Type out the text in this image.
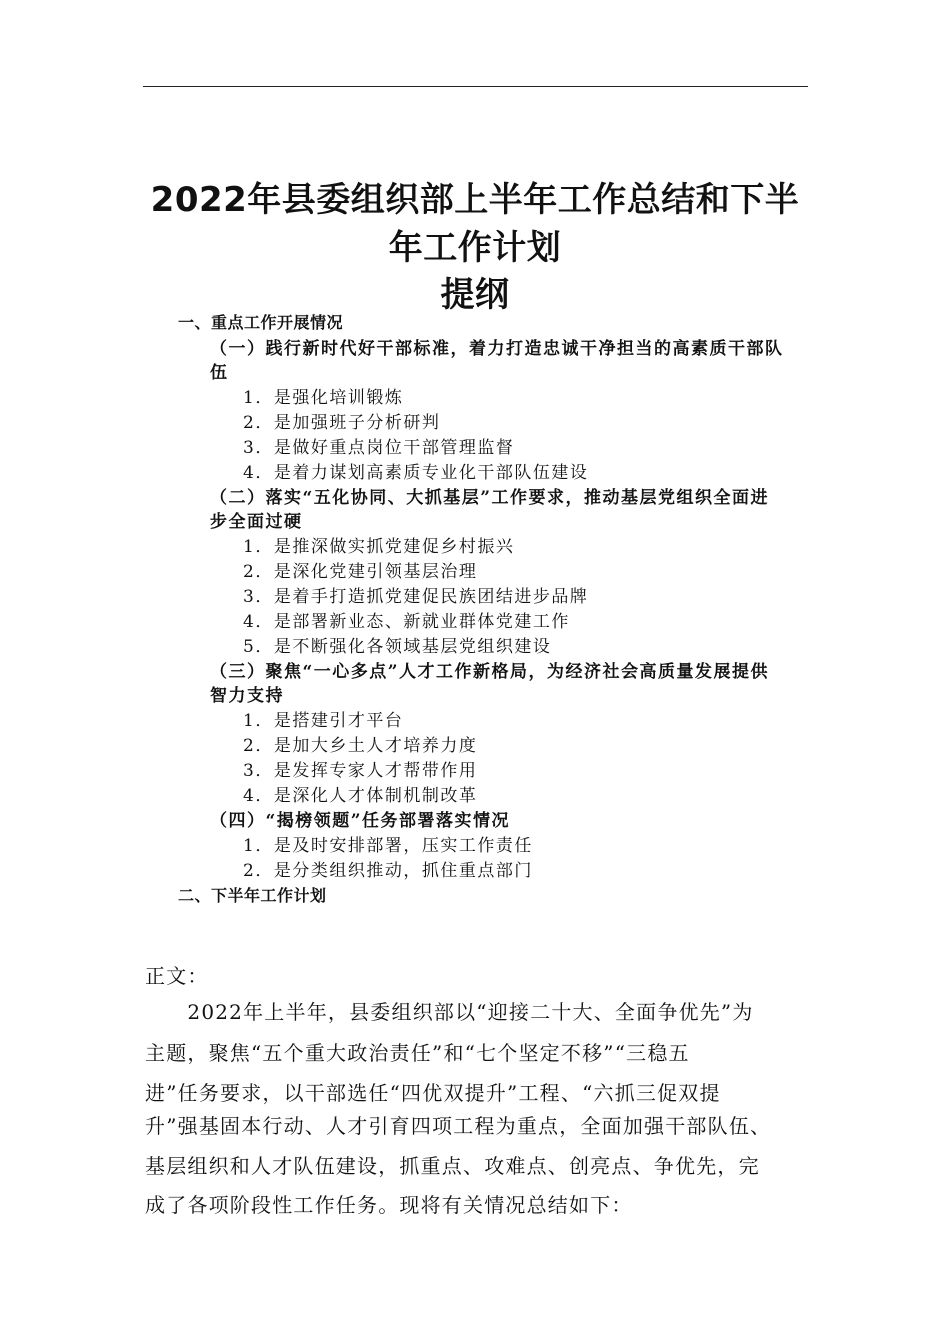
2022年县委组织部上半年工作总结和下半
年工作计划
提纲
一、重点工作开展情况
（一）践行新时代好干部标准，着力打造忠诚干净担当的高素质干部队
伍
1．是强化培训锻炼
2．是加强班子分析研判
3．是做好重点岗位干部管理监督
4．是着力谋划高素质专业化干部队伍建设
（二）落实“五化协同、大抓基层”工作要求，推动基层党组织全面进
步全面过硬
1．是推深做实抓党建促乡村振兴
2．是深化党建引领基层治理
3．是着手打造抓党建促民族团结进步品牌
4．是部署新业态、新就业群体党建工作
5．是不断强化各领域基层党组织建设
（三）聚焦“一心多点”人才工作新格局，为经济社会高质量发展提供
智力支持
1．是搭建引才平台
2．是加大乡土人才培养力度
3．是发挥专家人才帮带作用
4．是深化人才体制机制改革
（四）“揭榜领题”任务部署落实情况
1．是及时安排部署，压实工作责任
2．是分类组织推动，抓住重点部门
二、下半年工作计划
正文：
　　2022年上半年，县委组织部以“迎接二十大、全面争优先”为
主题，聚焦“五个重大政治责任”和“七个坚定不移”“三稳五
进”任务要求，以干部选任“四优双提升”工程、“六抓三促双提
升”强基固本行动、人才引育四项工程为重点，全面加强干部队伍、
基层组织和人才队伍建设，抓重点、攻难点、创亮点、争优先，完
成了各项阶段性工作任务。现将有关情况总结如下：
